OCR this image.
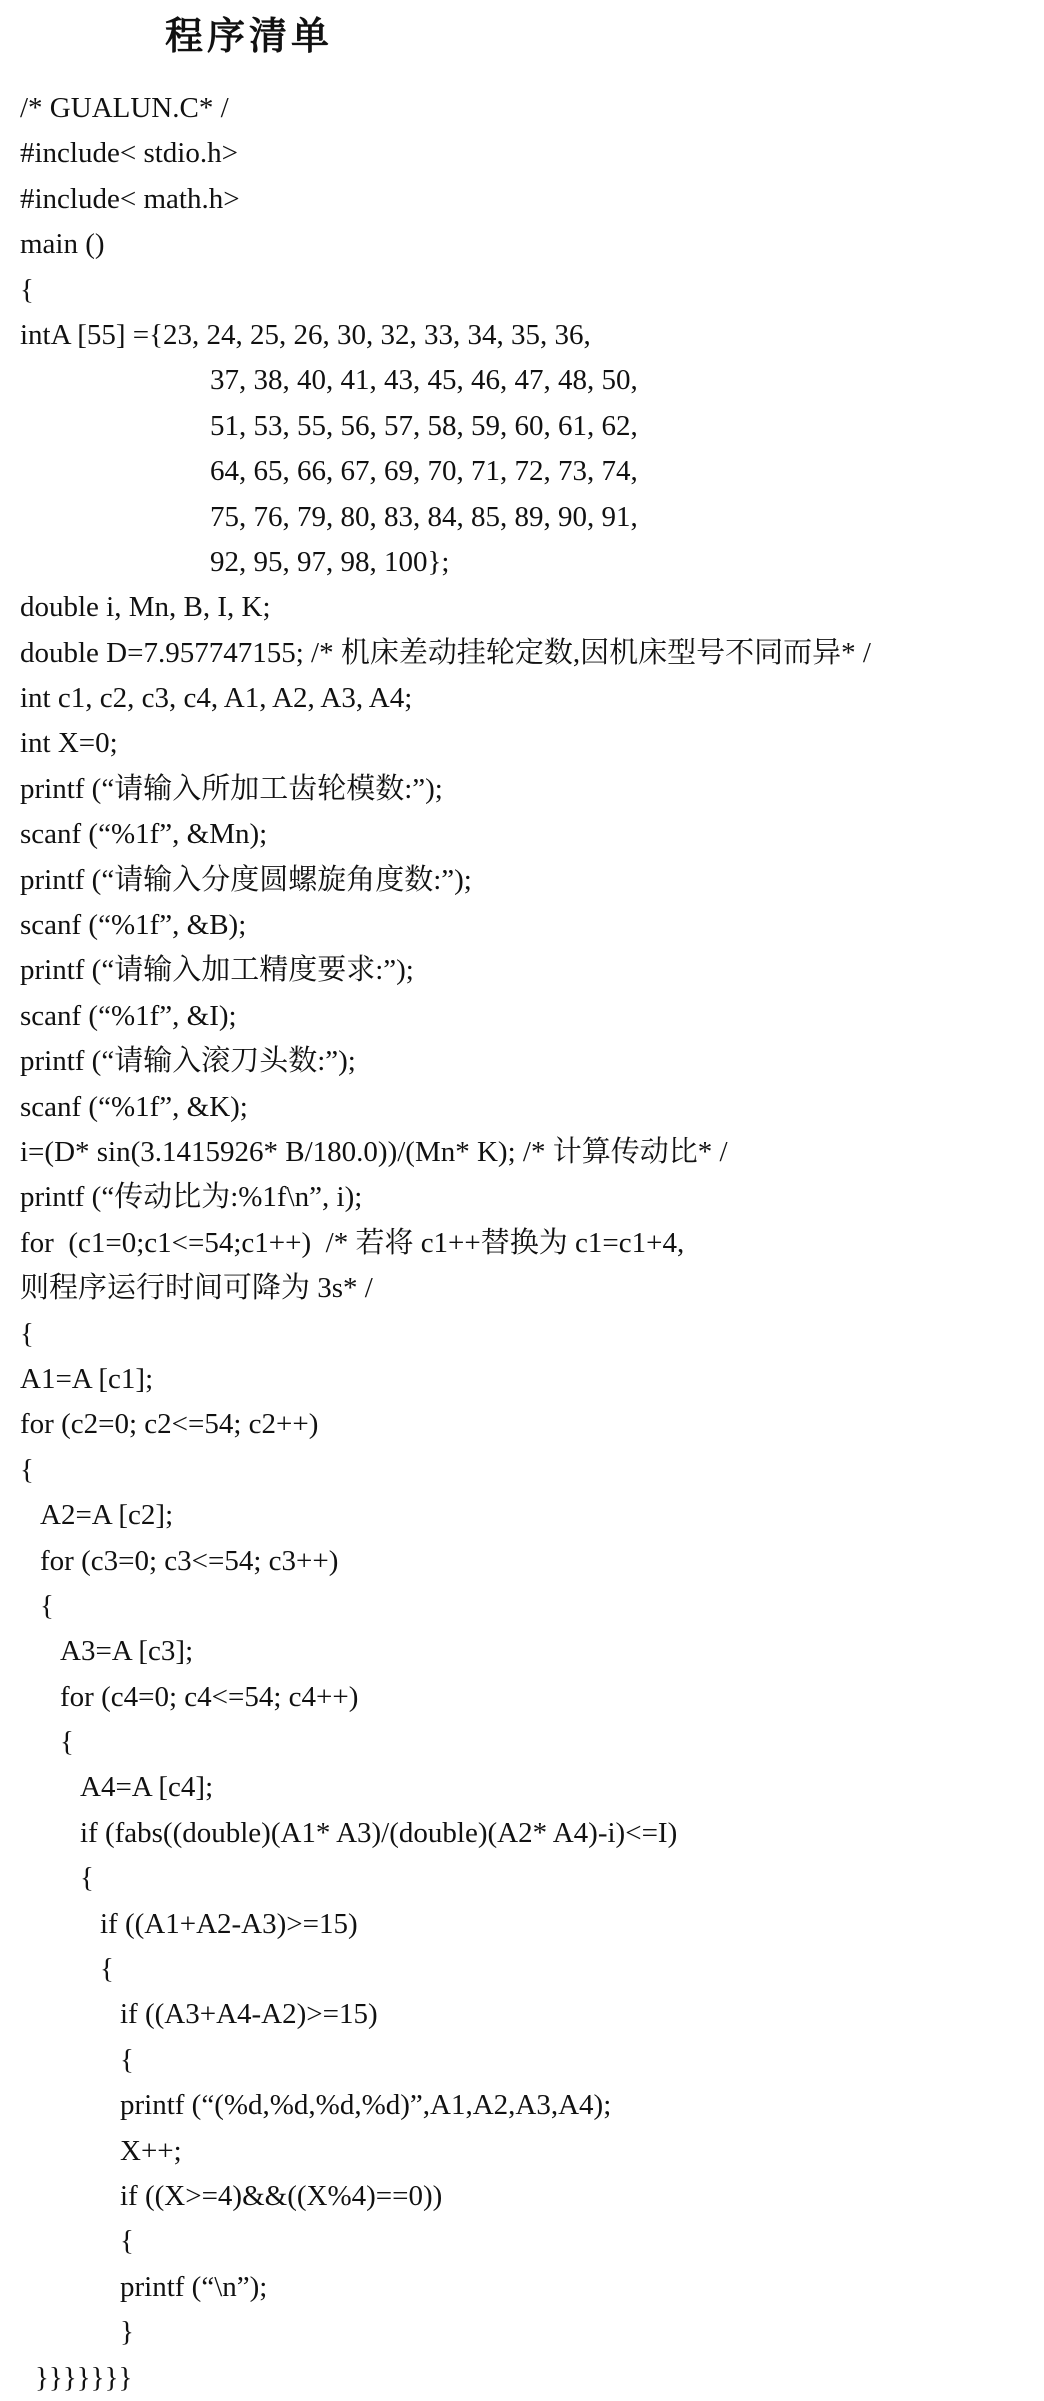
程序清单
/* GUALUN.C* /
#include< stdio.h>
#include< math.h>
main ()
{
intA [55] ={23, 24, 25, 26, 30, 32, 33, 34, 35, 36,
37, 38, 40, 41, 43, 45, 46, 47, 48, 50,
51, 53, 55, 56, 57, 58, 59, 60, 61, 62,
64, 65, 66, 67, 69, 70, 71, 72, 73, 74,
75, 76, 79, 80, 83, 84, 85, 89, 90, 91,
92, 95, 97, 98, 100};
double i, Mn, B, I, K;
double D=7.957747155; /* 机床差动挂轮定数,因机床型号不同而异* /
int c1, c2, c3, c4, A1, A2, A3, A4;
int X=0;
printf (“请输入所加工齿轮模数:”);
scanf (“%1f”, &Mn);
printf (“请输入分度圆螺旋角度数:”);
scanf (“%1f”, &B);
printf (“请输入加工精度要求:”);
scanf (“%1f”, &I);
printf (“请输入滚刀头数:”);
scanf (“%1f”, &K);
i=(D* sin(3.1415926* B/180.0))/(Mn* K); /* 计算传动比* /
printf (“传动比为:%1f\n”, i);
for  (c1=0;c1<=54;c1++)  /* 若将 c1++替换为 c1=c1+4,
则程序运行时间可降为 3s* /
{
A1=A [c1];
for (c2=0; c2<=54; c2++)
{
A2=A [c2];
for (c3=0; c3<=54; c3++)
{
A3=A [c3];
for (c4=0; c4<=54; c4++)
{
A4=A [c4];
if (fabs((double)(A1* A3)/(double)(A2* A4)-i)<=I)
{
if ((A1+A2-A3)>=15)
{
if ((A3+A4-A2)>=15)
{
printf (“(%d,%d,%d,%d)”,A1,A2,A3,A4);
X++;
if ((X>=4)&&((X%4)==0))
{
printf (“\n”);
}
}}}}}}}
